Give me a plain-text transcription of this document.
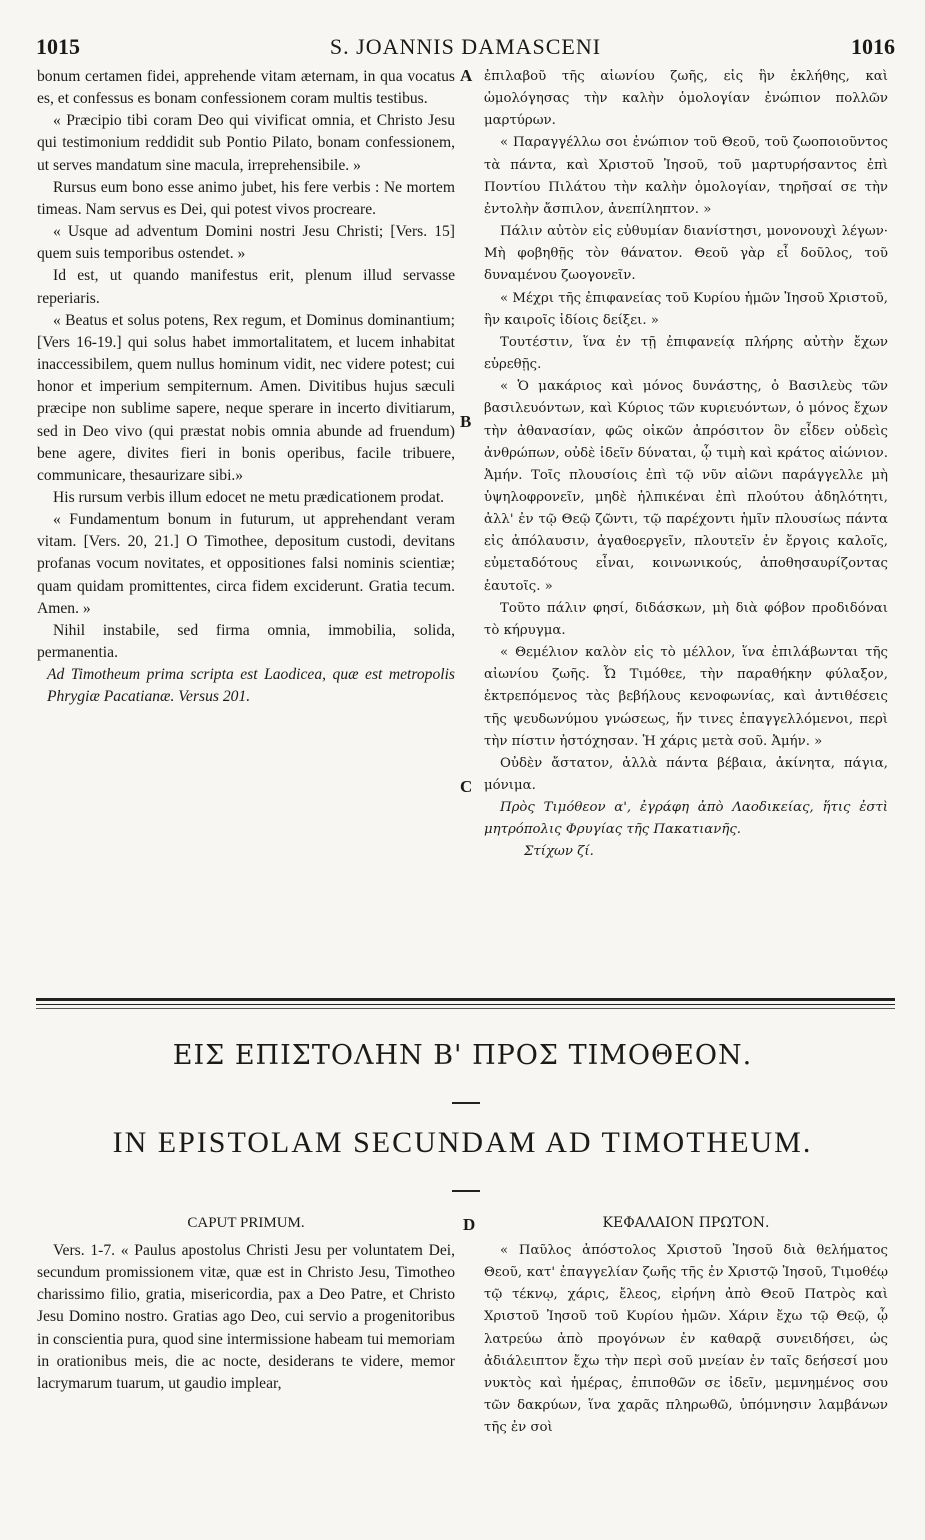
1015	S. JOANNIS DAMASCENI	1016

bonum certamen fidei, apprehende vitam æternam, in qua vocatus es, et confessus es bonam confessionem coram multis testibus.

« Præcipio tibi coram Deo qui vivificat omnia, et Christo Jesu qui testimonium reddidit sub Pontio Pilato, bonam confessionem, ut serves mandatum sine macula, irreprehensibile. »

Rursus eum bono esse animo jubet, his fere verbis : Ne mortem timeas. Nam servus es Dei, qui potest vivos procreare.

« Usque ad adventum Domini nostri Jesu Christi; [Vers. 15] quem suis temporibus ostendet. »

Id est, ut quando manifestus erit, plenum illud servasse reperiaris.

« Beatus et solus potens, Rex regum, et Dominus dominantium; [Vers 16-19.] qui solus habet immortalitatem, et lucem inhabitat inaccessibilem, quem nullus hominum vidit, nec videre potest; cui honor et imperium sempiternum. Amen. Divitibus hujus sæculi præcipe non sublime sapere, neque sperare in incerto divitiarum, sed in Deo vivo (qui præstat nobis omnia abunde ad fruendum) bene agere, divites fieri in bonis operibus, facile tribuere, communicare, thesaurizare sibi.»

His rursum verbis illum edocet ne metu prædicationem prodat.

« Fundamentum bonum in futurum, ut apprehendant veram vitam. [Vers. 20, 21.] O Timothee, depositum custodi, devitans profanas vocum novitates, et oppositiones falsi nominis scientiæ; quam quidam promittentes, circa fidem exciderunt. Gratia tecum. Amen. »

Nihil instabile, sed firma omnia, immobilia, solida, permanentia.

Ad Timotheum prima scripta est Laodicea, quæ est metropolis Phrygiæ Pacatianæ. Versus 201.

ἐπιλαβοῦ τῆς αἰωνίου ζωῆς, εἰς ἣν ἐκλήθης, καὶ ὡμολόγησας τὴν καλὴν ὁμολογίαν ἐνώπιον πολλῶν μαρτύρων.

« Παραγγέλλω σοι ἐνώπιον τοῦ Θεοῦ, τοῦ ζωοποιοῦντος τὰ πάντα, καὶ Χριστοῦ Ἰησοῦ, τοῦ μαρτυρήσαντος ἐπὶ Ποντίου Πιλάτου τὴν καλὴν ὁμολογίαν, τηρῆσαί σε τὴν ἐντολὴν ἄσπιλον, ἀνεπίληπτον. »

Πάλιν αὐτὸν εἰς εὐθυμίαν διανίστησι, μονονουχὶ λέγων· Μὴ φοβηθῇς τὸν θάνατον. Θεοῦ γὰρ εἶ δοῦλος, τοῦ δυναμένου ζωογονεῖν.

« Μέχρι τῆς ἐπιφανείας τοῦ Κυρίου ἡμῶν Ἰησοῦ Χριστοῦ, ἣν καιροῖς ἰδίοις δείξει. »

Τουτέστιν, ἵνα ἐν τῇ ἐπιφανείᾳ πλήρης αὐτὴν ἔχων εὑρεθῇς.

« Ὁ μακάριος καὶ μόνος δυνάστης, ὁ Βασιλεὺς τῶν βασιλευόντων, καὶ Κύριος τῶν κυριευόντων, ὁ μόνος ἔχων τὴν ἀθανασίαν, φῶς οἰκῶν ἀπρόσιτον ὃν εἶδεν οὐδεὶς ἀνθρώπων, οὐδὲ ἰδεῖν δύναται, ᾧ τιμὴ καὶ κράτος αἰώνιον. Ἀμήν. Τοῖς πλουσίοις ἐπὶ τῷ νῦν αἰῶνι παράγγελλε μὴ ὑψηλοφρονεῖν, μηδὲ ἠλπικέναι ἐπὶ πλούτου ἀδηλότητι, ἀλλ' ἐν τῷ Θεῷ ζῶντι, τῷ παρέχοντι ἡμῖν πλουσίως πάντα εἰς ἀπόλαυσιν, ἀγαθοεργεῖν, πλουτεῖν ἐν ἔργοις καλοῖς, εὐμεταδότους εἶναι, κοινωνικούς, ἀποθησαυρίζοντας ἑαυτοῖς. »

Τοῦτο πάλιν φησί, διδάσκων, μὴ διὰ φόβον προδιδόναι τὸ κήρυγμα.

« Θεμέλιον καλὸν εἰς τὸ μέλλον, ἵνα ἐπιλάβωνται τῆς αἰωνίου ζωῆς. Ὦ Τιμόθεε, τὴν παραθήκην φύλαξον, ἐκτρεπόμενος τὰς βεβήλους κενοφωνίας, καὶ ἀντιθέσεις τῆς ψευδωνύμου γνώσεως, ἥν τινες ἐπαγγελλόμενοι, περὶ τὴν πίστιν ἠστόχησαν. Ἡ χάρις μετὰ σοῦ. Ἀμήν. »

Οὐδὲν ἄστατον, ἀλλὰ πάντα βέβαια, ἀκίνητα, πάγια, μόνιμα.

Πρὸς Τιμόθεον α', ἐγράφη ἀπὸ Λαοδικείας, ἥτις ἐστὶ μητρόπολις Φρυγίας τῆς Πακατιανῆς.

Στίχων ζί.

A
B
C
D
ΕΙΣ ΕΠΙΣΤΟΛΗΝ Β' ΠΡΟΣ ΤΙΜΟΘΕΟΝ.
IN EPISTOLAM SECUNDAM AD TIMOTHEUM.
CAPUT PRIMUM.	ΚΕΦΑΛΑΙΟΝ ΠΡΩΤΟΝ.

Vers. 1-7. « Paulus apostolus Christi Jesu per voluntatem Dei, secundum promissionem vitæ, quæ est in Christo Jesu, Timotheo charissimo filio, gratia, misericordia, pax a Deo Patre, et Christo Jesu Domino nostro. Gratias ago Deo, cui servio a progenitoribus in conscientia pura, quod sine intermissione habeam tui memoriam in orationibus meis, die ac nocte, desiderans te videre, memor lacrymarum tuarum, ut gaudio implear,

« Παῦλος ἀπόστολος Χριστοῦ Ἰησοῦ διὰ θελήματος Θεοῦ, κατ' ἐπαγγελίαν ζωῆς τῆς ἐν Χριστῷ Ἰησοῦ, Τιμοθέῳ τῷ τέκνῳ, χάρις, ἔλεος, εἰρήνη ἀπὸ Θεοῦ Πατρὸς καὶ Χριστοῦ Ἰησοῦ τοῦ Κυρίου ἡμῶν. Χάριν ἔχω τῷ Θεῷ, ᾧ λατρεύω ἀπὸ προγόνων ἐν καθαρᾷ συνειδήσει, ὡς ἀδιάλειπτον ἔχω τὴν περὶ σοῦ μνείαν ἐν ταῖς δεήσεσί μου νυκτὸς καὶ ἡμέρας, ἐπιποθῶν σε ἰδεῖν, μεμνημένος σου τῶν δακρύων, ἵνα χαρᾶς πληρωθῶ, ὑπόμνησιν λαμβάνων τῆς ἐν σοὶ
